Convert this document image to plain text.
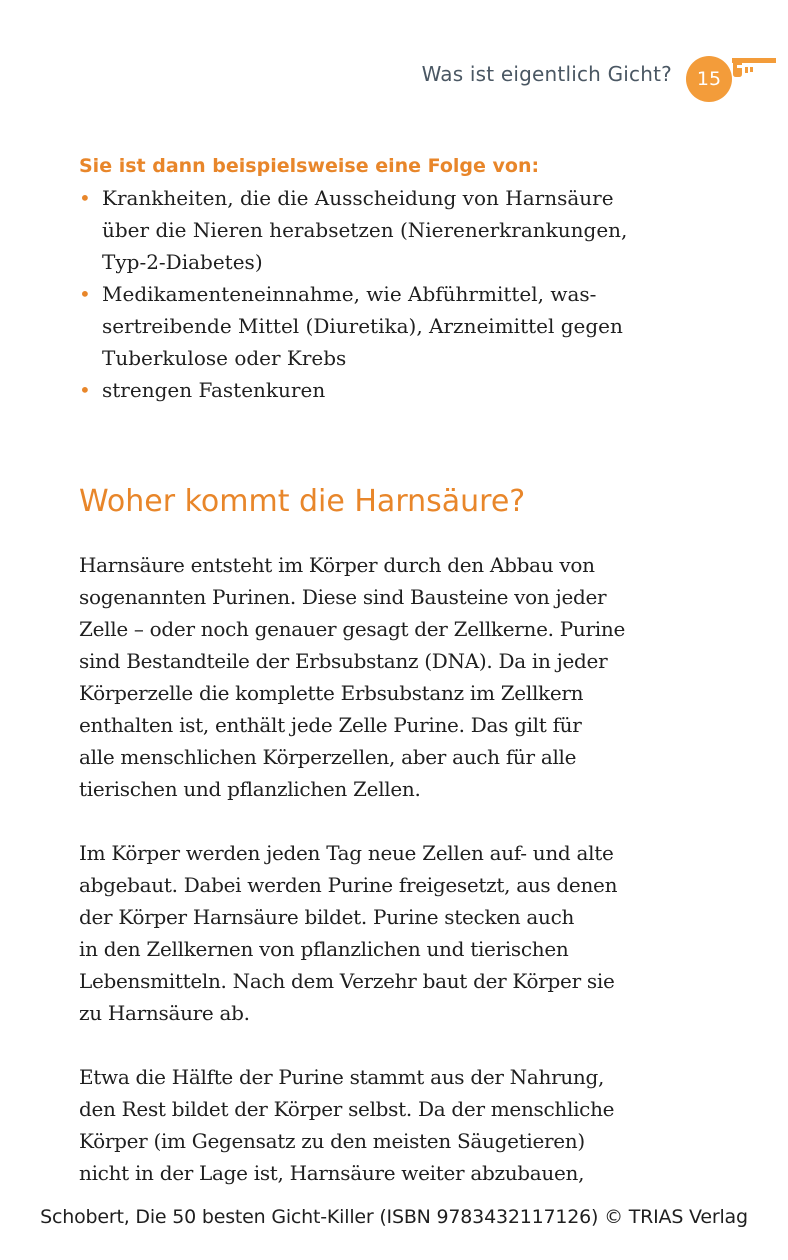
Was ist eigentlich Gicht?	15

Sie ist dann beispielsweise eine Folge von:

• Krankheiten, die die Ausscheidung von Harnsäure
über die Nieren herabsetzen (Nierenerkrankungen,
Typ-2-Diabetes)
• Medikamenteneinnahme, wie Abführmittel, was-
sertreibende Mittel (Diuretika), Arzneimittel gegen
Tuberkulose oder Krebs
• strengen Fastenkuren
Woher kommt die Harnsäure?

Harnsäure entsteht im Körper durch den Abbau von
sogenannten Purinen. Diese sind Bausteine von jeder
Zelle – oder noch genauer gesagt der Zellkerne. Purine
sind Bestandteile der Erbsubstanz (DNA). Da in jeder
Körperzelle die komplette Erbsubstanz im Zellkern
enthalten ist, enthält jede Zelle Purine. Das gilt für
alle menschlichen Körperzellen, aber auch für alle
tierischen und pflanzlichen Zellen.

Im Körper werden jeden Tag neue Zellen auf- und alte
abgebaut. Dabei werden Purine freigesetzt, aus denen
der Körper Harnsäure bildet. Purine stecken auch
in den Zellkernen von pflanzlichen und tierischen
Lebensmitteln. Nach dem Verzehr baut der Körper sie
zu Harnsäure ab.

Etwa die Hälfte der Purine stammt aus der Nahrung,
den Rest bildet der Körper selbst. Da der menschliche
Körper (im Gegensatz zu den meisten Säugetieren)
nicht in der Lage ist, Harnsäure weiter abzubauen,

Schobert, Die 50 besten Gicht-Killer (ISBN 9783432117126) © TRIAS Verlag
